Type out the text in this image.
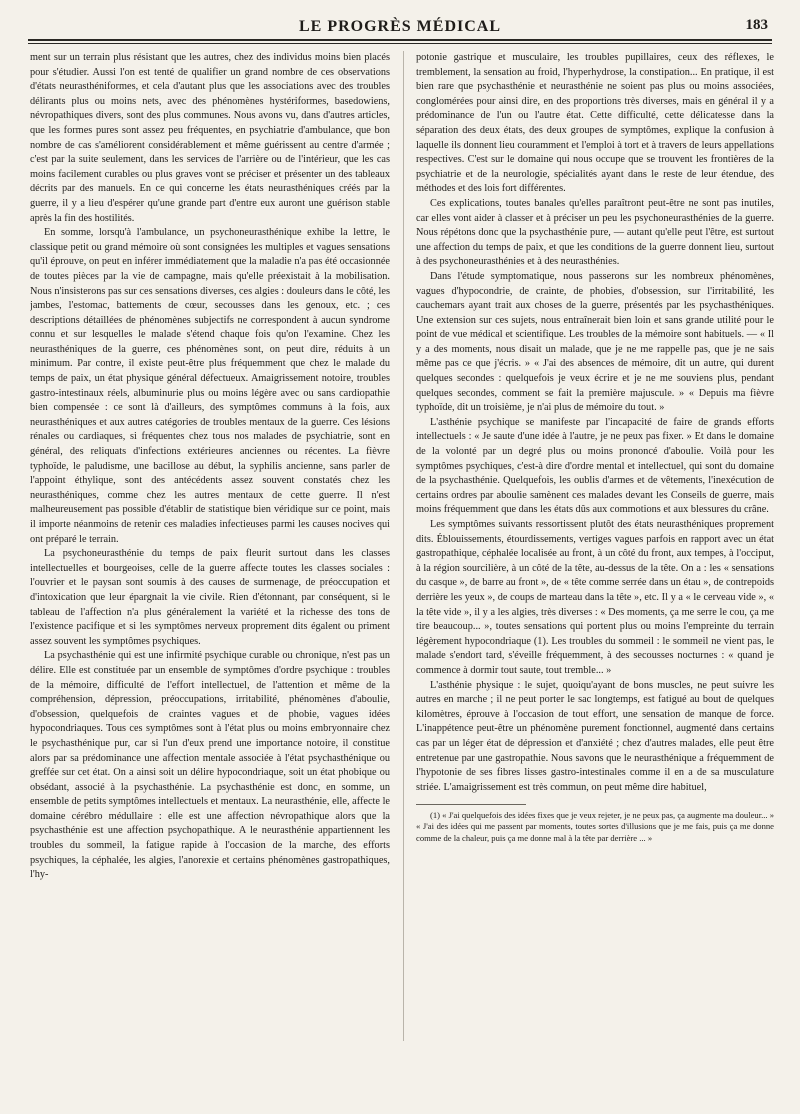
LE PROGRÈS MÉDICAL	183

ment sur un terrain plus résistant que les autres, chez des individus moins bien placés pour s'étudier. Aussi l'on est tenté de qualifier un grand nombre de ces observations d'états neurasthéniformes, et cela d'autant plus que les associations avec des troubles délirants plus ou moins nets, avec des phénomènes hystériformes, basedowiens, névropathiques divers, sont des plus communes. Nous avons vu, dans d'autres articles, que les formes pures sont assez peu fréquentes, en psychiatrie d'ambulance, que bon nombre de cas s'améliorent considérablement et même guérissent au centre d'armée ; c'est par la suite seulement, dans les services de l'arrière ou de l'intérieur, que les cas moins facilement curables ou plus graves vont se préciser et présenter un des tableaux décrits par des manuels. En ce qui concerne les états neurasthéniques créés par la guerre, il y a lieu d'espérer qu'une grande part d'entre eux auront une guérison stable après la fin des hostilités.

En somme, lorsqu'à l'ambulance, un psychoneurasthénique exhibe la lettre, le classique petit ou grand mémoire où sont consignées les multiples et vagues sensations qu'il éprouve, on peut en inférer immédiatement que la maladie n'a pas été occasionnée de toutes pièces par la vie de campagne, mais qu'elle préexistait à la mobilisation. Nous n'insisterons pas sur ces sensations diverses, ces algies : douleurs dans le côté, les jambes, l'estomac, battements de cœur, secousses dans les genoux, etc. ; ces descriptions détaillées de phénomènes subjectifs ne correspondent à aucun syndrome connu et sur lesquelles le malade s'étend chaque fois qu'on l'examine. Chez les neurasthéniques de la guerre, ces phénomènes sont, on peut dire, réduits à un minimum. Par contre, il existe peut-être plus fréquemment que chez le malade du temps de paix, un état physique général défectueux. Amaigrissement notoire, troubles gastro-intestinaux réels, albuminurie plus ou moins légère avec ou sans cardiopathie bien compensée : ce sont là d'ailleurs, des symptômes communs à la fois, aux neurasthéniques et aux autres catégories de troubles mentaux de la guerre. Ces lésions rénales ou cardiaques, si fréquentes chez tous nos malades de psychiatrie, sont en général, des reliquats d'infections extérieures anciennes ou récentes. La fièvre typhoïde, le paludisme, une bacillose au début, la syphilis ancienne, sans parler de l'appoint éthylique, sont des antécédents assez souvent constatés chez les neurasthéniques, comme chez les autres mentaux de cette guerre. Il n'est malheureusement pas possible d'établir de statistique bien véridique sur ce point, mais il importe néanmoins de retenir ces maladies infectieuses parmi les causes nocives qui ont préparé le terrain.

La psychoneurasthénie du temps de paix fleurit surtout dans les classes intellectuelles et bourgeoises, celle de la guerre affecte toutes les classes sociales : l'ouvrier et le paysan sont soumis à des causes de surmenage, de préoccupation et d'intoxication que leur épargnait la vie civile. Rien d'étonnant, par conséquent, si le tableau de l'affection n'a plus généralement la variété et la richesse des tons de l'existence pacifique et si les symptômes nerveux proprement dits égalent ou priment assez souvent les symptômes psychiques.

La psychasthénie qui est une infirmité psychique curable ou chronique, n'est pas un délire. Elle est constituée par un ensemble de symptômes d'ordre psychique : troubles de la mémoire, difficulté de l'effort intellectuel, de l'attention et même de la compréhension, dépression, préoccupations, irritabilité, phénomènes d'aboulie, d'obsession, quelquefois de craintes vagues et de phobie, vagues idées hypocondriaques. Tous ces symptômes sont à l'état plus ou moins embryonnaire chez le psychasthénique pur, car si l'un d'eux prend une importance notoire, il constitue alors par sa prédominance une affection mentale associée à l'état psychasthénique ou greffée sur cet état. On a ainsi soit un délire hypocondriaque, soit un état phobique ou obsédant, associé à la psychasthénie. La psychasthénie est donc, en somme, un ensemble de petits symptômes intellectuels et mentaux. La neurasthénie, elle, affecte le domaine cérébro médullaire : elle est une affection névropathique alors que la psychasthénie est une affection psychopathique. A le neurasthénie appartiennent les troubles du sommeil, la fatigue rapide à l'occasion de la marche, des efforts psychiques, la céphalée, les algies, l'anorexie et certains phénomènes gastropathiques, l'hy-

potonie gastrique et musculaire, les troubles pupillaires, ceux des réflexes, le tremblement, la sensation au froid, l'hyperhydrose, la constipation... En pratique, il est bien rare que psychasthénie et neurasthénie ne soient pas plus ou moins associées, conglomérées pour ainsi dire, en des proportions très diverses, mais en général il y a prédominance de l'un ou l'autre état. Cette difficulté, cette délicatesse dans la séparation des deux états, des deux groupes de symptômes, explique la confusion à laquelle ils donnent lieu couramment et l'emploi à tort et à travers de leurs appellations respectives. C'est sur le domaine qui nous occupe que se trouvent les frontières de la psychiatrie et de la neurologie, spécialités ayant dans le reste de leur étendue, des méthodes et des lois fort différentes.

Ces explications, toutes banales qu'elles paraîtront peut-être ne sont pas inutiles, car elles vont aider à classer et à préciser un peu les psychoneurasthénies de la guerre. Nous répétons donc que la psychasthénie pure, — autant qu'elle peut l'être, est surtout une affection du temps de paix, et que les conditions de la guerre donnent lieu, surtout à des psychoneurasthénies et à des neurasthénies.

Dans l'étude symptomatique, nous passerons sur les nombreux phénomènes, vagues d'hypocondrie, de crainte, de phobies, d'obsession, sur l'irritabilité, les cauchemars ayant trait aux choses de la guerre, présentés par les psychasthéniques. Une extension sur ces sujets, nous entraînerait bien loin et sans grande utilité pour le point de vue médical et scientifique. Les troubles de la mémoire sont habituels. — « Il y a des moments, nous disait un malade, que je ne me rappelle pas, que je ne sais même pas ce que j'écris. » « J'ai des absences de mémoire, dit un autre, qui durent quelques secondes : quelquefois je veux écrire et je ne me souviens plus, pendant quelques secondes, comment se fait la première majuscule. » « Depuis ma fièvre typhoïde, dit un troisième, je n'ai plus de mémoire du tout. »

L'asthénie psychique se manifeste par l'incapacité de faire de grands efforts intellectuels : « Je saute d'une idée à l'autre, je ne peux pas fixer. » Et dans le domaine de la volonté par un degré plus ou moins prononcé d'aboulie. Voilà pour les symptômes psychiques, c'est-à dire d'ordre mental et intellectuel, qui sont du domaine de la psychasthénie. Quelquefois, les oublis d'armes et de vêtements, l'inexécution de certains ordres par aboulie samènent ces malades devant les Conseils de guerre, mais moins fréquemment que dans les états dûs aux commotions et aux blessures du crâne.

Les symptômes suivants ressortissent plutôt des états neurasthéniques proprement dits. Éblouissements, étourdissements, vertiges vagues parfois en rapport avec un état gastropathique, céphalée localisée au front, à un côté du front, aux tempes, à l'occiput, à la région sourcilière, à un côté de la tête, au-dessus de la tête. On a : les « sensations du casque », de barre au front », de « tête comme serrée dans un étau », de contrepoids derrière les yeux », de coups de marteau dans la tête », etc. Il y a « le cerveau vide », « la tête vide », il y a les algies, très diverses : « Des moments, ça me serre le cou, ça me tire beaucoup... », toutes sensations qui portent plus ou moins l'empreinte du terrain légèrement hypocondriaque (1). Les troubles du sommeil : le sommeil ne vient pas, le malade s'endort tard, s'éveille fréquemment, à des secousses nocturnes : « quand je commence à dormir tout saute, tout tremble... »

L'asthénie physique : le sujet, quoiqu'ayant de bons muscles, ne peut suivre les autres en marche ; il ne peut porter le sac longtemps, est fatigué au bout de quelques kilomètres, éprouve à l'occasion de tout effort, une sensation de manque de force. L'inappétence peut-être un phénomène purement fonctionnel, augmenté dans certains cas par un léger état de dépression et d'anxiété ; chez d'autres malades, elle peut être entretenue par une gastropathie. Nous savons que le neurasthénique a fréquemment de l'hypotonie de ses fibres lisses gastro-intestinales comme il en a de sa musculature striée. L'amaigrissement est très commun, on peut même dire habituel,

(1) « J'ai quelquefois des idées fixes que je veux rejeter, je ne peux pas, ça augmente ma douleur... » « J'ai des idées qui me passent par moments, toutes sortes d'illusions que je me fais, puis ça me donne comme de la chaleur, puis ça me donne mal à la tête par derrière ... »
